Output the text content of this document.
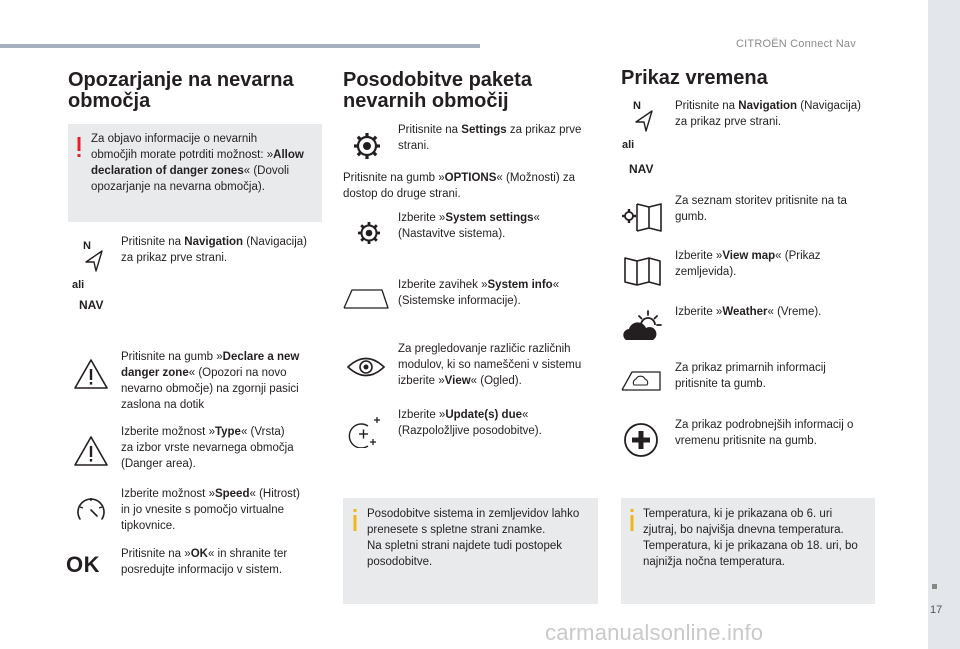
CITROËN Connect Nav
17
carmanualsonline.info
Opozarjanje na nevarna
območja
Za objavo informacije o nevarnih
območjih morate potrditi možnost: »Allow
declaration of danger zones« (Dovoli
opozarjanje na nevarna območja).
N
ali
NAV
Pritisnite na Navigation (Navigacija)
za prikaz prve strani.
Pritisnite na gumb »Declare a new
danger zone« (Opozori na novo
nevarno območje) na zgornji pasici
zaslona na dotik
Izberite možnost »Type« (Vrsta)
za izbor vrste nevarnega območja
(Danger area).
Izberite možnost »Speed« (Hitrost)
in jo vnesite s pomočjo virtualne
tipkovnice.
OK Pritisnite na »OK« in shranite ter
posredujte informacijo v sistem.
Posodobitve paketa
nevarnih območij
Pritisnite na Settings za prikaz prve
strani.
Pritisnite na gumb »OPTIONS« (Možnosti) za
dostop do druge strani.
Izberite »System settings«
(Nastavitve sistema).
Izberite zavihek »System info«
(Sistemske informacije).
Za pregledovanje različic različnih
modulov, ki so nameščeni v sistemu
izberite »View« (Ogled).
Izberite »Update(s) due«
(Razpoložljive posodobitve).
Posodobitve sistema in zemljevidov lahko
prenesete s spletne strani znamke.
Na spletni strani najdete tudi postopek
posodobitve.
Prikaz vremena
N
ali
NAV
Pritisnite na Navigation (Navigacija)
za prikaz prve strani.
Za seznam storitev pritisnite na ta
gumb.
Izberite »View map« (Prikaz
zemljevida).
Izberite »Weather« (Vreme).
Za prikaz primarnih informacij
pritisnite ta gumb.
Za prikaz podrobnejših informacij o
vremenu pritisnite na gumb.
Temperatura, ki je prikazana ob 6. uri
zjutraj, bo najvišja dnevna temperatura.
Temperatura, ki je prikazana ob 18. uri, bo
najnižja nočna temperatura.
